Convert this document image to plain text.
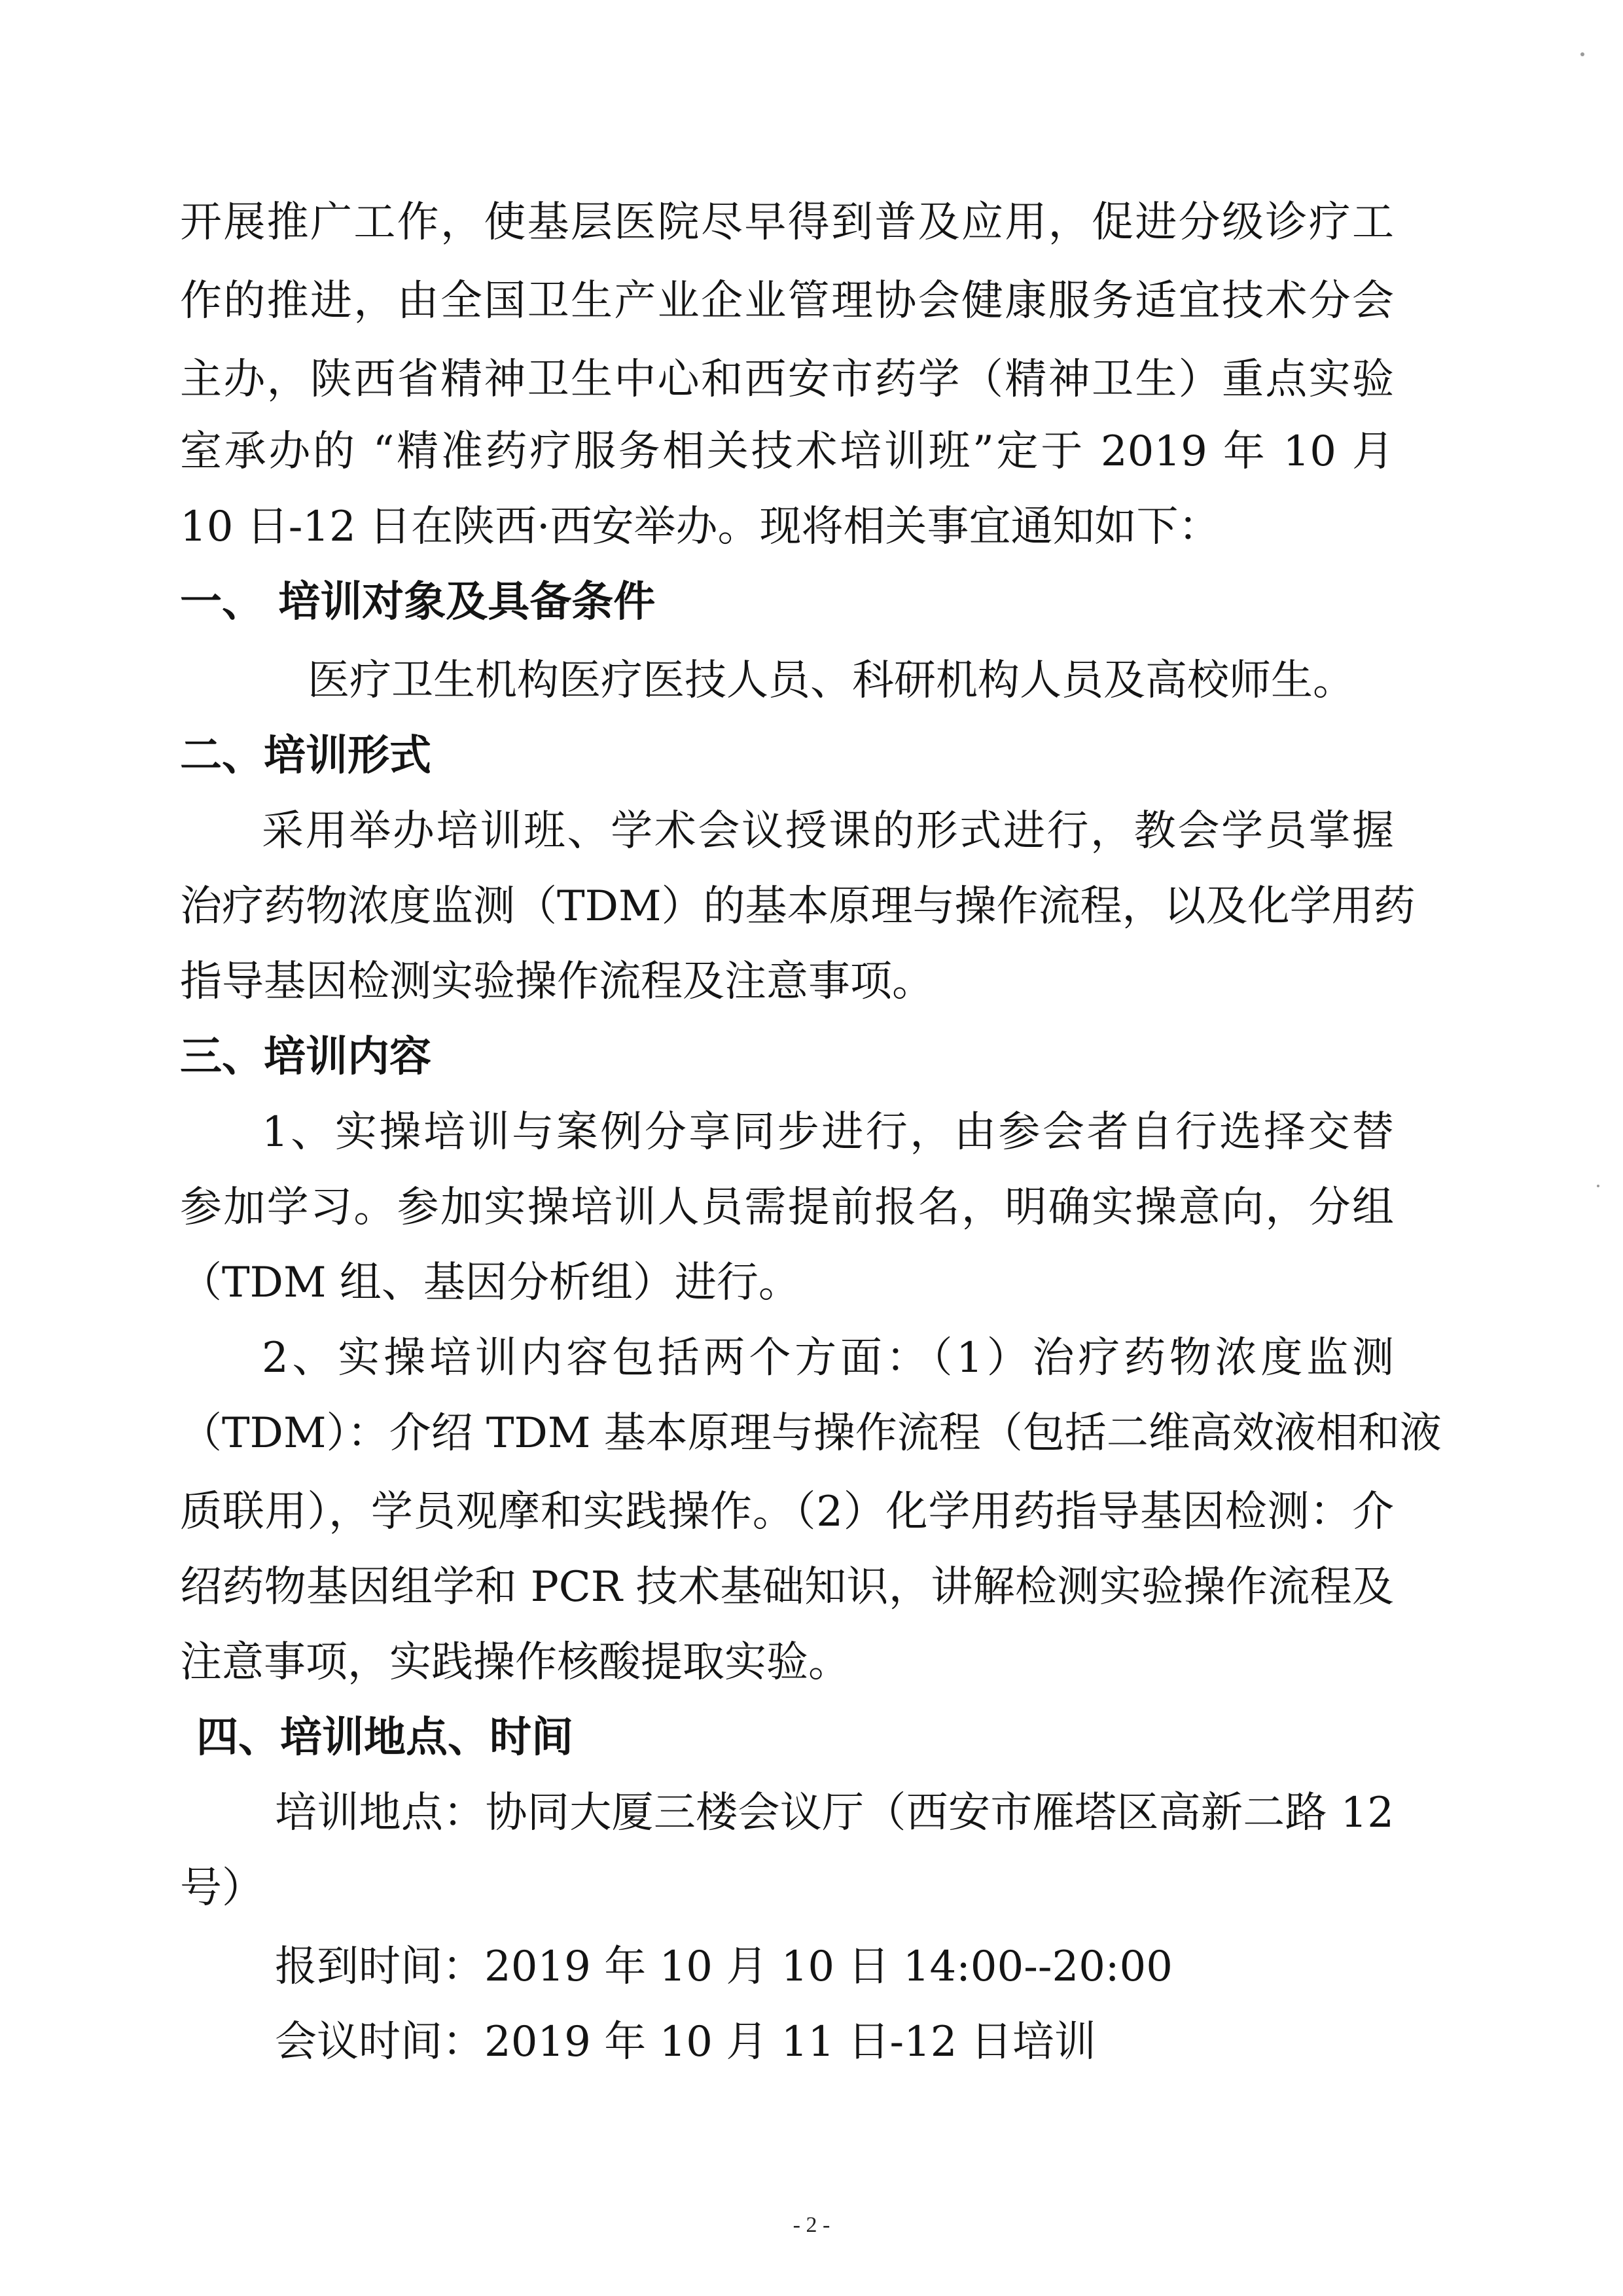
开展推广工作，使基层医院尽早得到普及应用，促进分级诊疗工
作的推进，由全国卫生产业企业管理协会健康服务适宜技术分会
主办，陕西省精神卫生中心和西安市药学（精神卫生）重点实验
室承办的 “精准药疗服务相关技术培训班”定于 2019 年 10 月
10 日-12 日在陕西·西安举办。现将相关事宜通知如下：
一、 培训对象及具备条件
医疗卫生机构医疗医技人员、科研机构人员及高校师生。
二、培训形式
采用举办培训班、学术会议授课的形式进行，教会学员掌握
治疗药物浓度监测（TDM）的基本原理与操作流程，以及化学用药
指导基因检测实验操作流程及注意事项。
三、培训内容
1、实操培训与案例分享同步进行，由参会者自行选择交替
参加学习。参加实操培训人员需提前报名，明确实操意向，分组
（TDM 组、基因分析组）进行。
2、实操培训内容包括两个方面：（1）治疗药物浓度监测
（TDM）：介绍 TDM 基本原理与操作流程（包括二维高效液相和液
质联用），学员观摩和实践操作。（2）化学用药指导基因检测：介
绍药物基因组学和 PCR 技术基础知识，讲解检测实验操作流程及
注意事项，实践操作核酸提取实验。
四、培训地点、时间
培训地点：协同大厦三楼会议厅（西安市雁塔区高新二路 12
号）
报到时间：2019 年 10 月 10 日 14:00--20:00
会议时间：2019 年 10 月 11 日-12 日培训
- 2 -
